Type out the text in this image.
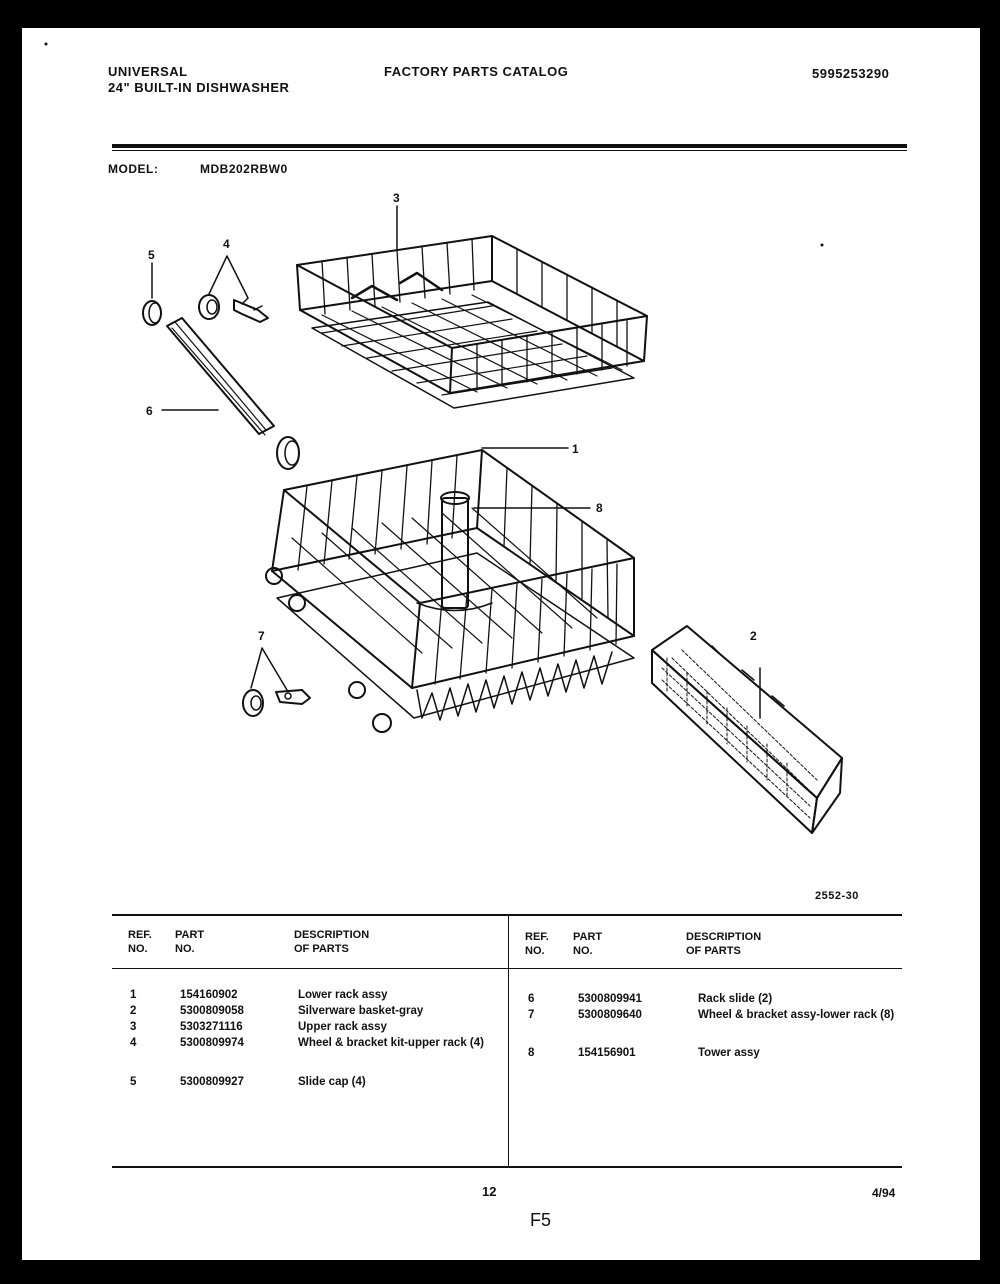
UNIVERSAL
24" BUILT-IN DISHWASHER
FACTORY PARTS CATALOG	5995253290
MODEL:	MDB202RBW0
3
5
4
6
1
8
7	2
2552-30
REF.
NO.
PART
NO.
DESCRIPTION
OF PARTS
REF.
NO.
PART
NO.
DESCRIPTION
OF PARTS
1	154160902	Lower rack assy
2	5300809058	Silverware basket-gray
3	5303271116	Upper rack assy
4	5300809974	Wheel & bracket kit-upper rack (4)
5	5300809927	Slide cap (4)
6	5300809941	Rack slide (2)
7	5300809640	Wheel & bracket assy-lower rack (8)
8	154156901	Tower assy
12
F5
4/94
